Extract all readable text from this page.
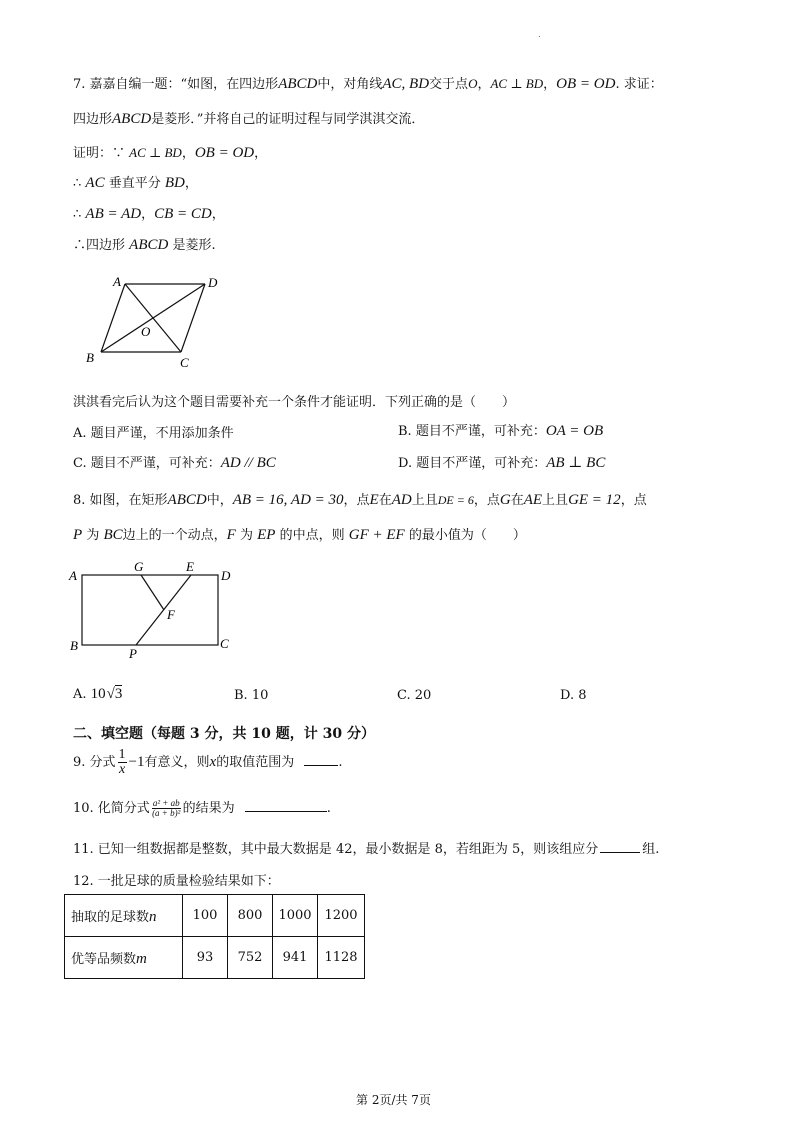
.
7. 嘉嘉自编一题：“如图，在四边形ABCD中，对角线AC, BD交于点O，AC ⊥ BD，OB = OD. 求证：
四边形ABCD是菱形．”并将自己的证明过程与同学淇淇交流．
证明：∵ AC ⊥ BD，OB = OD，
∴ AC 垂直平分 BD，
∴ AB = AD，CB = CD，
∴四边形 ABCD 是菱形.
A	D
O
B	C
淇淇看完后认为这个题目需要补充一个条件才能证明．下列正确的是（　　）
A. 题目严谨，不用添加条件	B. 题目不严谨，可补充：OA = OB
C. 题目不严谨，可补充：AD // BC	D. 题目不严谨，可补充：AB ⊥ BC
8. 如图，在矩形ABCD中，AB = 16, AD = 30，点E在AD上且DE = 6，点G在AE上且GE = 12，点
P 为 BC边上的一个动点，F 为 EP 的中点，则 GF + EF 的最小值为（　　）
A
G	E
D
F
B	C
P
A. 10√3	B. 10	C. 20	D. 8
二、填空题（每题 3 分，共 10 题，计 30 分）
9. 分式 $\frac{1}{x} -1$有意义，则x的取值范围为	.
10. 化简分式 $\frac{\text{a² + ab}}{\text{(a + b)²}}$ 的结果为	.
11. 已知一组数据都是整数，其中最大数据是 42，最小数据是 8，若组距为 5，则该组应分	组.
12. 一批足球的质量检验结果如下：
抽取的足球数n	100	800	1000	1200
优等品频数m	93	752	941	1128
第 2页/共 7页
